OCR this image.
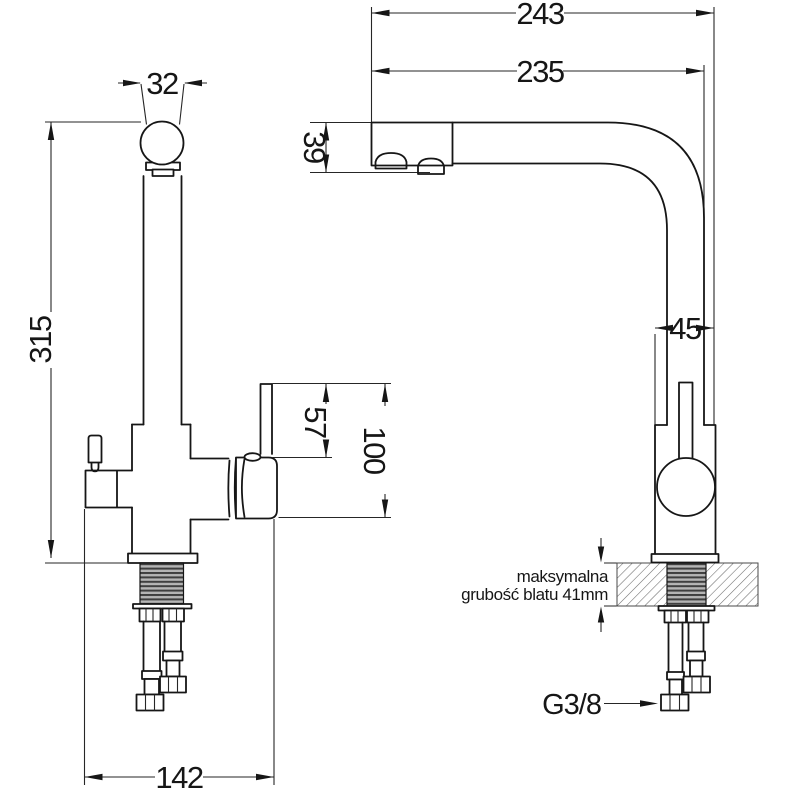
32
315
57
100
142
243
235
39
45
maksymalna
grubość blatu 41mm
G3/8
